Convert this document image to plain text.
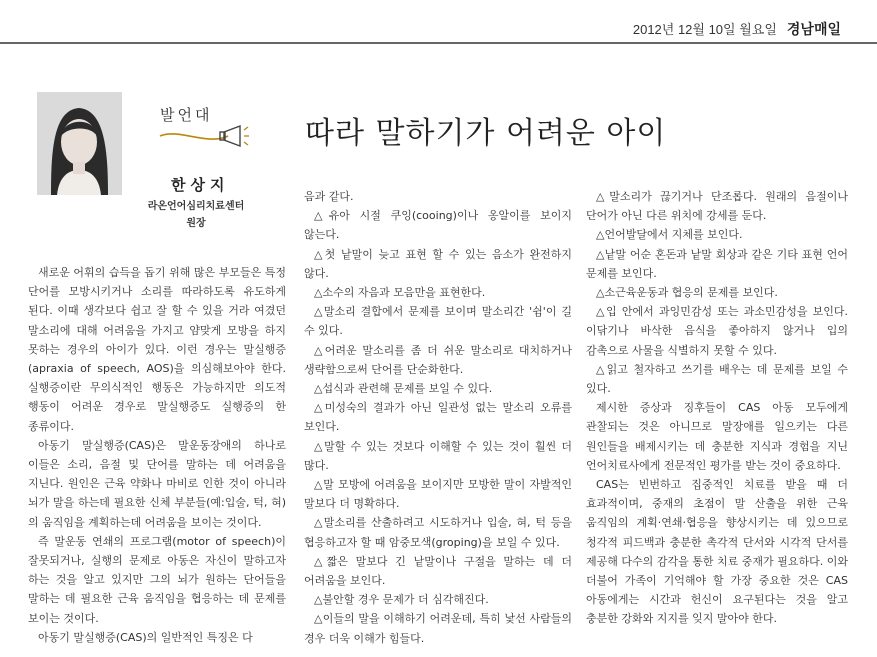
2012년 12월 10일 월요일 경남매일
발언대
따라 말하기가 어려운 아이
한상지
라온언어심리치료센터
원장

새로운 어휘의 습득을 돕기 위해 많은 부모들은 특정 단어를 모방시키거나 소리를 따라하도록 유도하게 된다. 이때 생각보다 쉽고 잘 할 수 있을 거라 여겼던 말소리에 대해 어려움을 가지고 얌맞게 모방을 하지 못하는 경우의 아이가 있다. 이런 경우는 말실행증(apraxia of speech, AOS)을 의심해보아야 한다. 실행증이란 무의식적인 행동은 가능하지만 의도적 행동이 어려운 경우로 말실행증도 실행증의 한 종류이다.

아동기 말실행증(CAS)은 말운동장애의 하나로 이들은 소리, 음절 및 단어를 말하는 데 어려움을 지닌다. 원인은 근육 약화나 마비로 인한 것이 아니라 뇌가 말을 하는데 필요한 신체 부분들(예:입술, 턱, 혀)의 움직임을 계획하는데 어려움을 보이는 것이다.

즉 말운동 연쇄의 프로그램(motor of speech)이 잘못되거나, 실행의 문제로 아동은 자신이 말하고자 하는 것을 알고 있지만 그의 뇌가 원하는 단어들을 말하는 데 필요한 근육 움직임을 협응하는 데 문제를 보이는 것이다.

아동기 말실행증(CAS)의 일반적인 특징은 다

음과 같다.

△유아 시절 쿠잉(cooing)이나 옹알이를 보이지 않는다.

△첫 낱말이 늦고 표현 할 수 있는 음소가 완전하지 않다.

△소수의 자음과 모음만을 표현한다.

△말소리 결합에서 문제를 보이며 말소리간 '쉼'이 길 수 있다.

△어려운 말소리를 좀 더 쉬운 말소리로 대치하거나 생략함으로써 단어를 단순화한다.

△섭식과 관련해 문제를 보일 수 있다.

△미성숙의 결과가 아닌 일관성 없는 말소리 오류를 보인다.

△말할 수 있는 것보다 이해할 수 있는 것이 훨씬 더 많다.

△말 모방에 어려움을 보이지만 모방한 말이 자발적인 말보다 더 명확하다.

△말소리를 산출하려고 시도하거나 입술, 혀, 턱 등을 협응하고자 할 때 암중모색(groping)을 보일 수 있다.

△짧은 말보다 긴 낱말이나 구절을 말하는 데 더 어려움을 보인다.

△불안할 경우 문제가 더 심각해진다.

△이들의 말을 이해하기 어려운데, 특히 낯선 사람들의 경우 더욱 이해가 힘들다.

△말소리가 끊기거나 단조롭다. 원래의 음절이나 단어가 아닌 다른 위치에 강세를 둔다.

△언어발달에서 지체를 보인다.

△낱말 어순 혼돈과 낱말 회상과 같은 기타 표현 언어 문제를 보인다.

△소근육운동과 협응의 문제를 보인다.

△입 안에서 과잉민감성 또는 과소민감성을 보인다. 이닦기나 바삭한 음식을 좋아하지 않거나 입의 감촉으로 사물을 식별하지 못할 수 있다.

△읽고 철자하고 쓰기를 배우는 데 문제를 보일 수 있다.

제시한 증상과 징후들이 CAS 아동 모두에게 관찰되는 것은 아니므로 말장애를 일으키는 다른 원인들을 배제시키는 데 충분한 지식과 경험을 지닌 언어치료사에게 전문적인 평가를 받는 것이 중요하다.

CAS는 빈번하고 집중적인 치료를 받을 때 더 효과적이며, 중재의 초점이 말 산출을 위한 근육 움직임의 계획·연쇄·협응을 향상시키는 데 있으므로 청각적 피드백과 충분한 촉각적 단서와 시각적 단서를 제공해 다수의 감각을 통한 치료 중재가 필요하다. 이와 더불어 가족이 기억해야 할 가장 중요한 것은 CAS 아동에게는 시간과 헌신이 요구된다는 것을 알고 충분한 강화와 지지를 잊지 말아야 한다.
